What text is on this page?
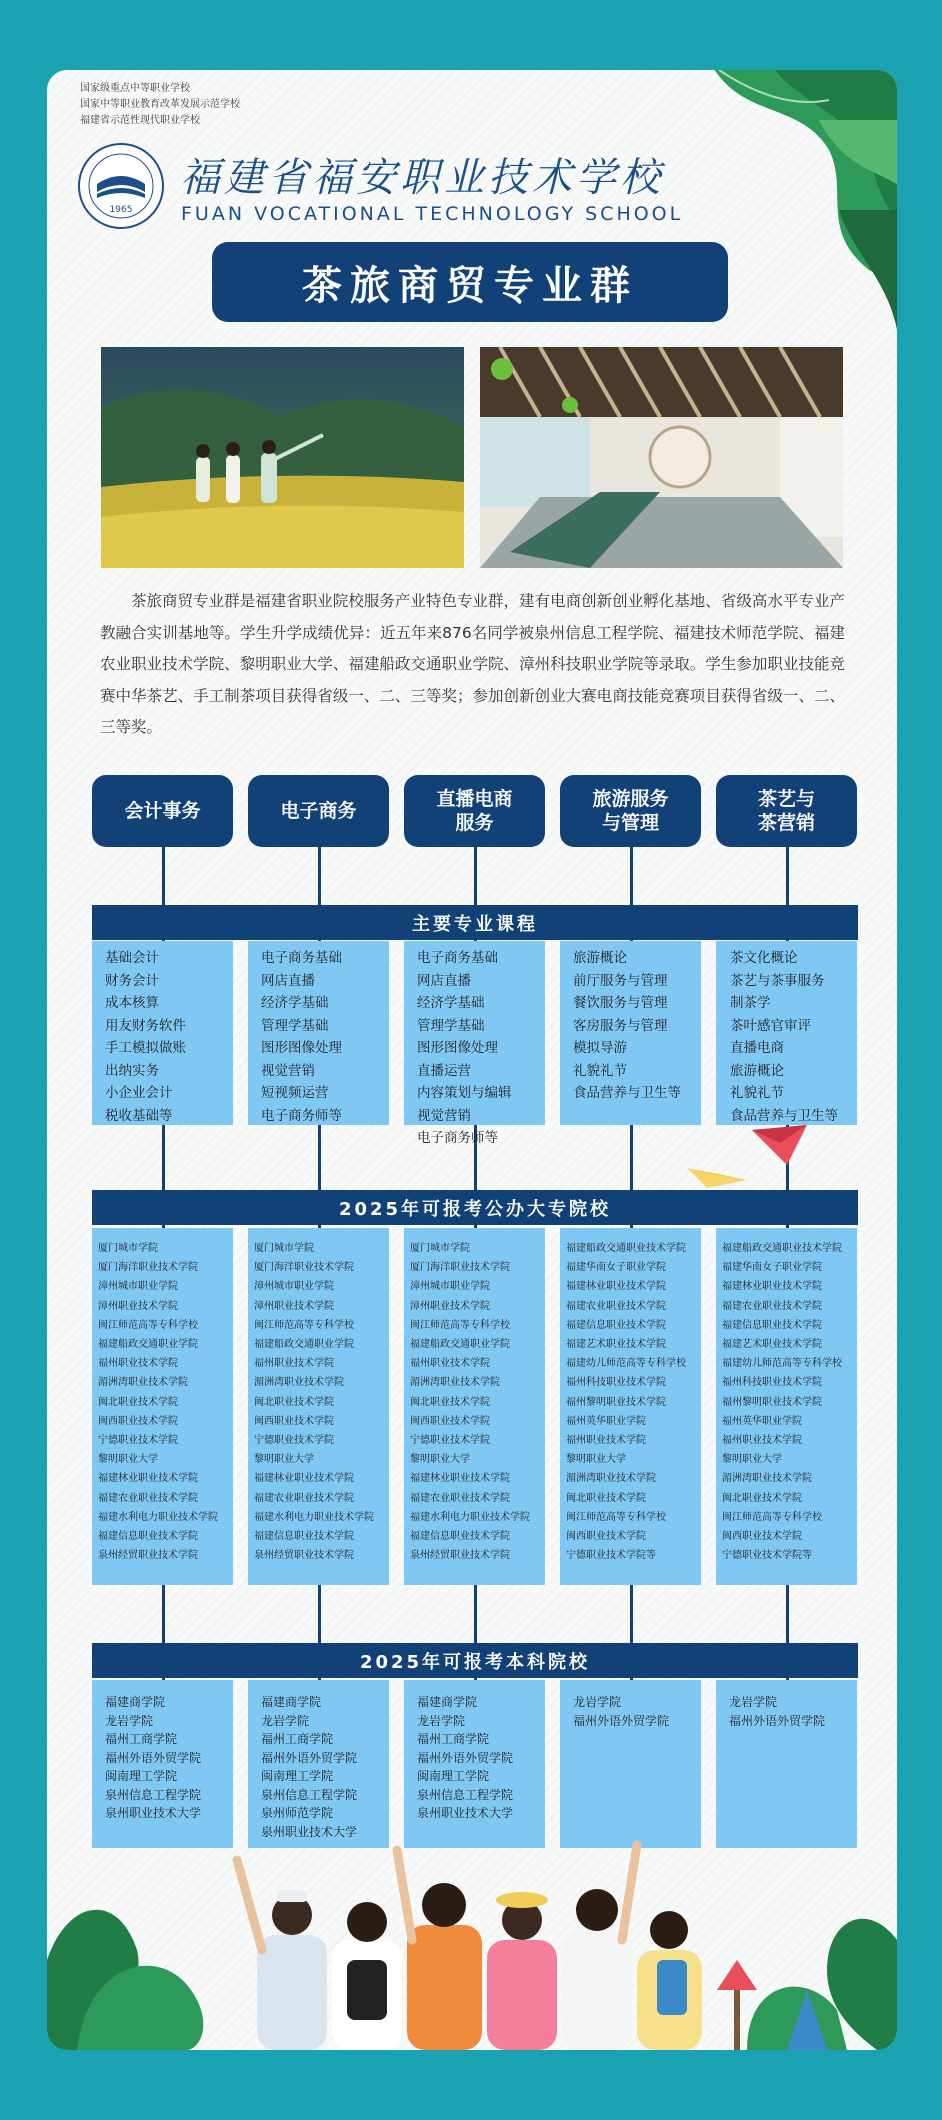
国家级重点中等职业学校
国家中等职业教育改革发展示范学校
福建省示范性现代职业学校
1965
福建省福安职业技术学校
FUAN VOCATIONAL TECHNOLOGY SCHOOL
茶旅商贸专业群

茶旅商贸专业群是福建省职业院校服务产业特色专业群，建有电商创新创业孵化基地、省级高水平专业产教融合实训基地等。学生升学成绩优异：近五年来876名同学被泉州信息工程学院、福建技术师范学院、福建农业职业技术学院、黎明职业大学、福建船政交通职业学院、漳州科技职业学院等录取。学生参加职业技能竞赛中华茶艺、手工制茶项目获得省级一、二、三等奖；参加创新创业大赛电商技能竞赛项目获得省级一、二、三等奖。

会计事务	电子商务
直播电商
服务
旅游服务
与管理
茶艺与
茶营销
主要专业课程
基础会计
财务会计
成本核算
用友财务软件
手工模拟做账
出纳实务
小企业会计
税收基础等
电子商务基础
网店直播
经济学基础
管理学基础
图形图像处理
视觉营销
短视频运营
电子商务师等
电子商务基础
网店直播
经济学基础
管理学基础
图形图像处理
直播运营
内容策划与编辑
视觉营销
电子商务师等
旅游概论
前厅服务与管理
餐饮服务与管理
客房服务与管理
模拟导游
礼貌礼节
食品营养与卫生等
茶文化概论
茶艺与茶事服务
制茶学
茶叶感官审评
直播电商
旅游概论
礼貌礼节
食品营养与卫生等
2025年可报考公办大专院校
厦门城市学院
厦门海洋职业技术学院
漳州城市职业学院
漳州职业技术学院
闽江师范高等专科学校
福建船政交通职业学院
福州职业技术学院
湄洲湾职业技术学院
闽北职业技术学院
闽西职业技术学院
宁德职业技术学院
黎明职业大学
福建林业职业技术学院
福建农业职业技术学院
福建水利电力职业技术学院
福建信息职业技术学院
泉州经贸职业技术学院
厦门城市学院
厦门海洋职业技术学院
漳州城市职业学院
漳州职业技术学院
闽江师范高等专科学校
福建船政交通职业学院
福州职业技术学院
湄洲湾职业技术学院
闽北职业技术学院
闽西职业技术学院
宁德职业技术学院
黎明职业大学
福建林业职业技术学院
福建农业职业技术学院
福建水利电力职业技术学院
福建信息职业技术学院
泉州经贸职业技术学院
厦门城市学院
厦门海洋职业技术学院
漳州城市职业学院
漳州职业技术学院
闽江师范高等专科学校
福建船政交通职业学院
福州职业技术学院
湄洲湾职业技术学院
闽北职业技术学院
闽西职业技术学院
宁德职业技术学院
黎明职业大学
福建林业职业技术学院
福建农业职业技术学院
福建水利电力职业技术学院
福建信息职业技术学院
泉州经贸职业技术学院
福建船政交通职业技术学院
福建华南女子职业学院
福建林业职业技术学院
福建农业职业技术学院
福建信息职业技术学院
福建艺术职业技术学院
福建幼儿师范高等专科学校
福州科技职业技术学院
福州黎明职业技术学院
福州英华职业学院
福州职业技术学院
黎明职业大学
湄洲湾职业技术学院
闽北职业技术学院
闽江师范高等专科学校
闽西职业技术学院
宁德职业技术学院等
福建船政交通职业技术学院
福建华南女子职业学院
福建林业职业技术学院
福建农业职业技术学院
福建信息职业技术学院
福建艺术职业技术学院
福建幼儿师范高等专科学校
福州科技职业技术学院
福州黎明职业技术学院
福州英华职业学院
福州职业技术学院
黎明职业大学
湄洲湾职业技术学院
闽北职业技术学院
闽江师范高等专科学校
闽西职业技术学院
宁德职业技术学院等
2025年可报考本科院校
福建商学院
龙岩学院
福州工商学院
福州外语外贸学院
闽南理工学院
泉州信息工程学院
泉州职业技术大学
福建商学院
龙岩学院
福州工商学院
福州外语外贸学院
闽南理工学院
泉州信息工程学院
泉州师范学院
泉州职业技术大学
福建商学院
龙岩学院
福州工商学院
福州外语外贸学院
闽南理工学院
泉州信息工程学院
泉州职业技术大学
龙岩学院
福州外语外贸学院
龙岩学院
福州外语外贸学院
